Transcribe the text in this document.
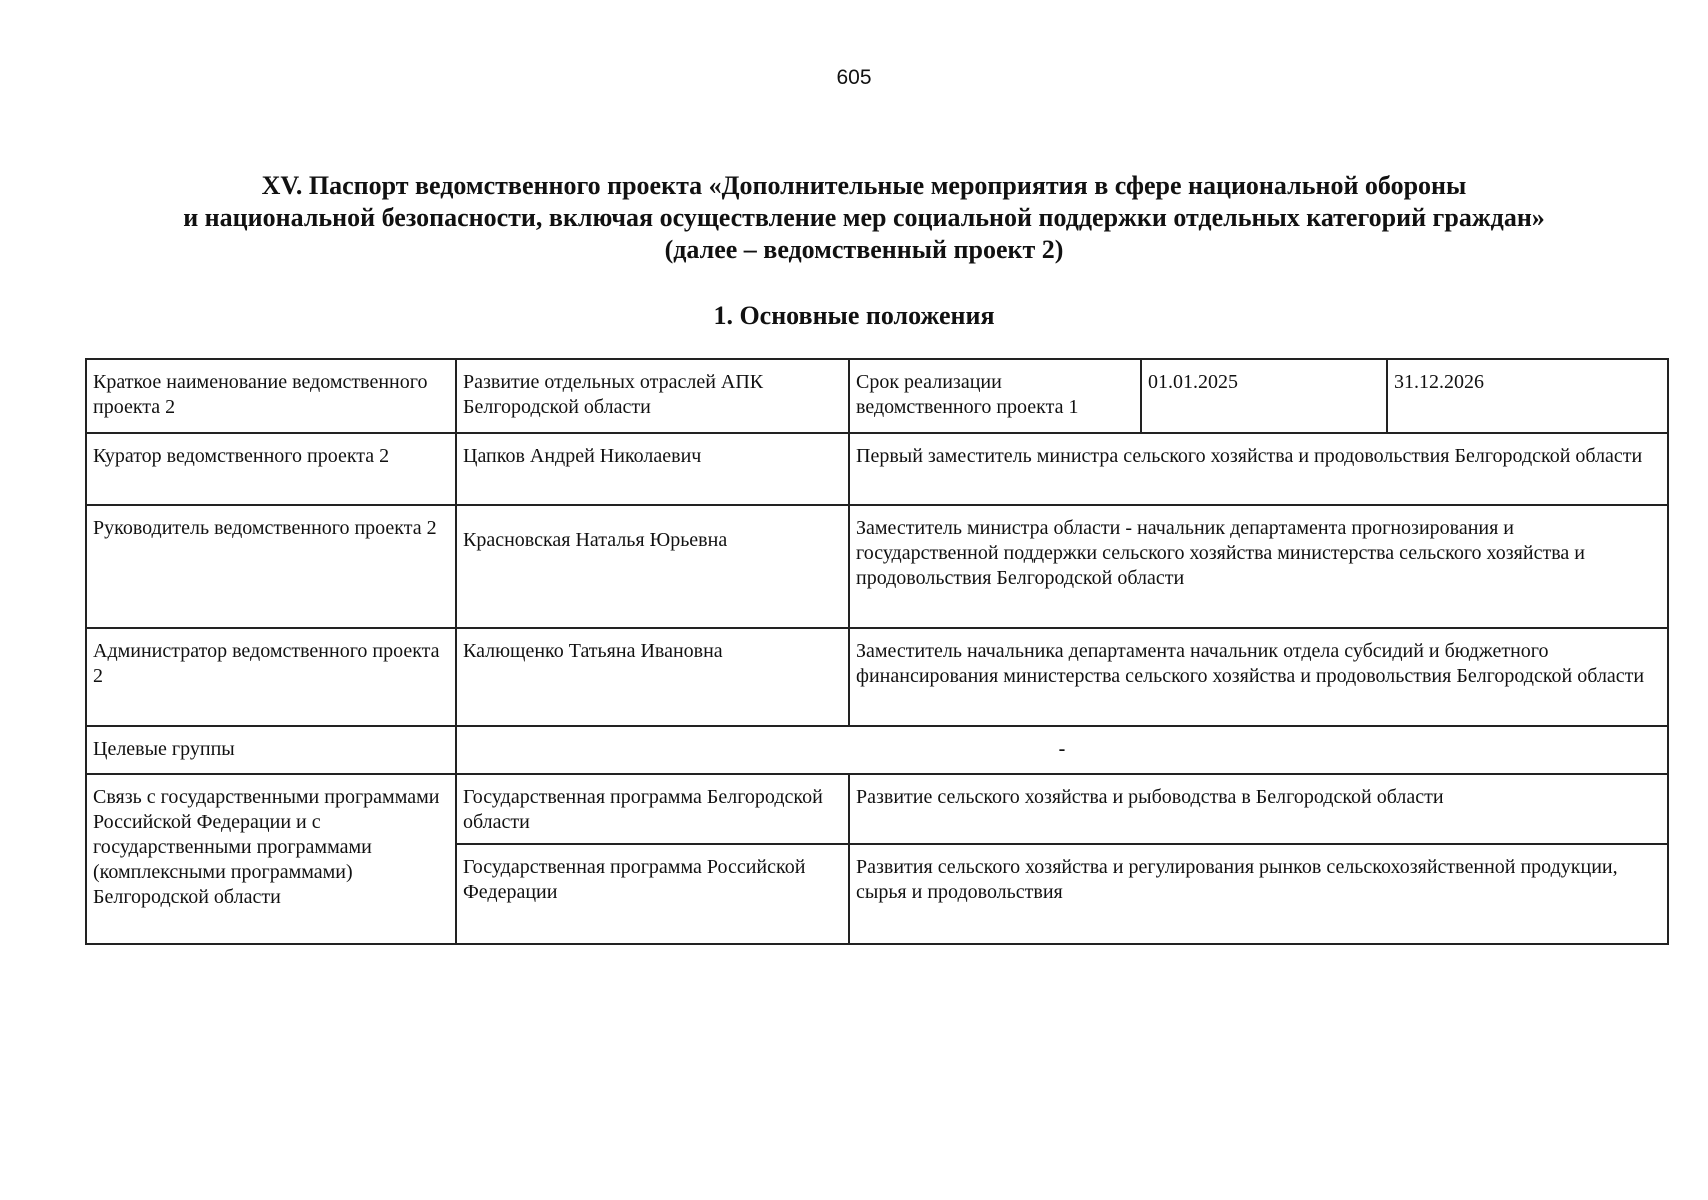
605
XV. Паспорт ведомственного проекта «Дополнительные мероприятия в сфере национальной обороны
и национальной безопасности, включая осуществление мер социальной поддержки отдельных категорий граждан»
(далее – ведомственный проект 2)
1. Основные положения
Краткое наименование ведомственного проекта 2	Развитие отдельных отраслей АПК Белгородской области	Срок реализации ведомственного проекта 1	01.01.2025	31.12.2026
Куратор ведомственного проекта 2	Цапков Андрей Николаевич	Первый заместитель министра сельского хозяйства и продовольствия Белгородской области		
Руководитель ведомственного проекта 2	Красновская Наталья Юрьевна	Заместитель министра области - начальник департамента прогнозирования и государственной поддержки сельского хозяйства министерства сельского хозяйства и продовольствия Белгородской области		
Администратор ведомственного проекта 2	Калющенко Татьяна Ивановна	Заместитель начальника департамента начальник отдела субсидий и бюджетного финансирования министерства сельского хозяйства и продовольствия Белгородской области		
Целевые группы	-			
Связь с государственными программами Российской Федерации и с государственными программами (комплексными программами) Белгородской области	Государственная программа Белгородской области	Развитие сельского хозяйства и рыбоводства в Белгородской области		
	Государственная программа Российской Федерации	Развития сельского хозяйства и регулирования рынков сельскохозяйственной продукции, сырья и продовольствия		
